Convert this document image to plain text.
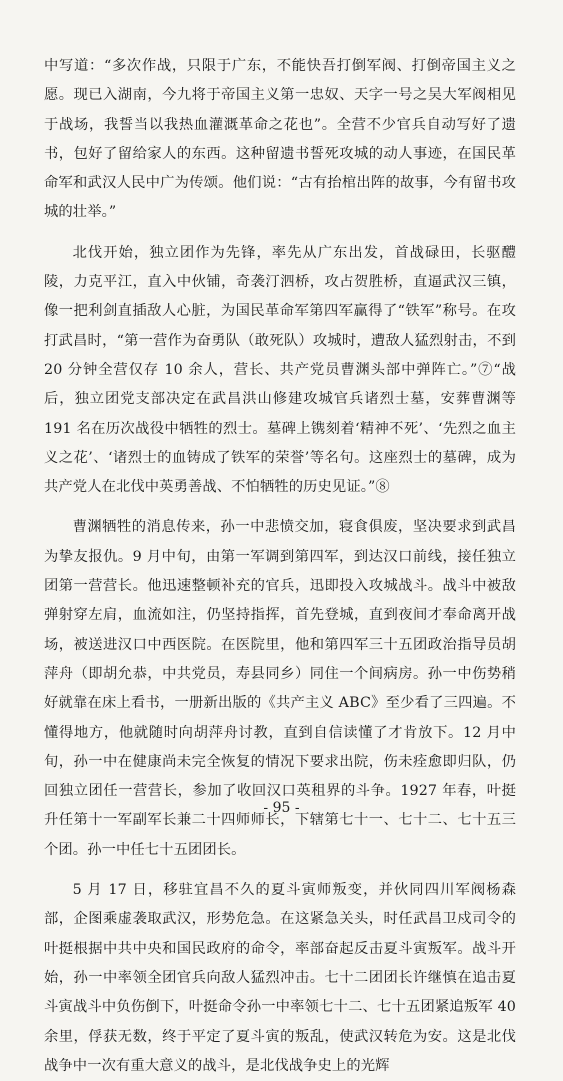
中写道：“多次作战，只限于广东，不能快吾打倒军阀、打倒帝国主义之愿。现已入湖南，今九将于帝国主义第一忠奴、天字一号之吴大军阀相见于战场，我誓当以我热血灌溉革命之花也”。全营不少官兵自动写好了遗书，包好了留给家人的东西。这种留遗书誓死攻城的动人事迹，在国民革命军和武汉人民中广为传颂。他们说：“古有抬棺出阵的故事，今有留书攻城的壮举。”

北伐开始，独立团作为先锋，率先从广东出发，首战碌田，长驱醴陵，力克平江，直入中伙铺，奇袭汀泗桥，攻占贺胜桥，直逼武汉三镇，像一把利剑直插敌人心脏，为国民革命军第四军赢得了“铁军”称号。在攻打武昌时，“第一营作为奋勇队（敢死队）攻城时，遭敌人猛烈射击，不到 20 分钟全营仅存 10 余人，营长、共产党员曹渊头部中弹阵亡。”⑦“战后，独立团党支部决定在武昌洪山修建攻城官兵诸烈士墓，安葬曹渊等 191 名在历次战役中牺牲的烈士。墓碑上镌刻着‘精神不死’、‘先烈之血主义之花’、‘诸烈士的血铸成了铁军的荣誉’等名句。这座烈士的墓碑，成为共产党人在北伐中英勇善战、不怕牺牲的历史见证。”⑧

曹渊牺牲的消息传来，孙一中悲愤交加，寝食俱废，坚决要求到武昌为挚友报仇。9 月中旬，由第一军调到第四军，到达汉口前线，接任独立团第一营营长。他迅速整顿补充的官兵，迅即投入攻城战斗。战斗中被敌弹射穿左肩，血流如注，仍坚持指挥，首先登城，直到夜间才奉命离开战场，被送进汉口中西医院。在医院里，他和第四军三十五团政治指导员胡萍舟（即胡允恭，中共党员，寿县同乡）同住一个间病房。孙一中伤势稍好就靠在床上看书，一册新出版的《共产主义 ABC》至少看了三四遍。不懂得地方，他就随时向胡萍舟讨教，直到自信读懂了才肯放下。12 月中旬，孙一中在健康尚未完全恢复的情况下要求出院，伤未痊愈即归队，仍回独立团任一营营长，参加了收回汉口英租界的斗争。1927 年春，叶挺升任第十一军副军长兼二十四师师长，下辖第七十一、七十二、七十五三个团。孙一中任七十五团团长。

5 月 17 日，移驻宜昌不久的夏斗寅师叛变，并伙同四川军阀杨森部，企图乘虚袭取武汉，形势危急。在这紧急关头，时任武昌卫戍司令的叶挺根据中共中央和国民政府的命令，率部奋起反击夏斗寅叛军。战斗开始，孙一中率领全团官兵向敌人猛烈冲击。七十二团团长许继慎在追击夏斗寅战斗中负伤倒下，叶挺命令孙一中率领七十二、七十五团紧追叛军 40 余里，俘获无数，终于平定了夏斗寅的叛乱，使武汉转危为安。这是北伐战争中一次有重大意义的战斗，是北伐战争史上的光辉

- 95 -
